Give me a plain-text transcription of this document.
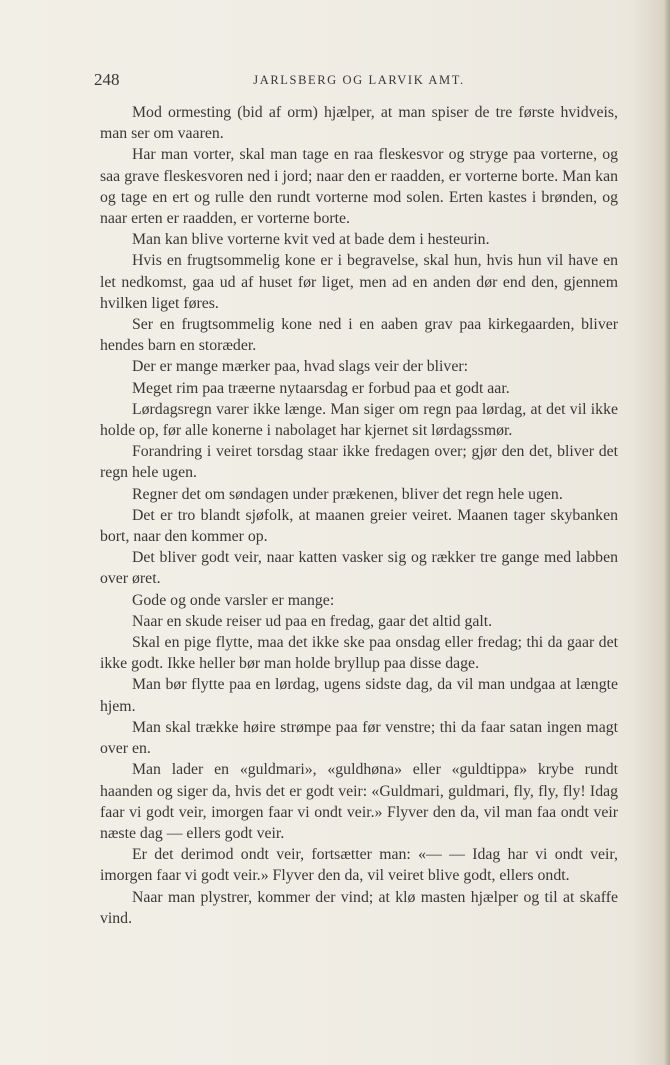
248	JARLSBERG OG LARVIK AMT.

Mod ormesting (bid af orm) hjælper, at man spiser de tre første hvidveis, man ser om vaaren.

Har man vorter, skal man tage en raa fleskesvor og stryge paa vorterne, og saa grave fleskesvoren ned i jord; naar den er raadden, er vorterne borte. Man kan og tage en ert og rulle den rundt vorterne mod solen. Erten kastes i brønden, og naar erten er raadden, er vorterne borte.

Man kan blive vorterne kvit ved at bade dem i hesteurin.

Hvis en frugtsommelig kone er i begravelse, skal hun, hvis hun vil have en let nedkomst, gaa ud af huset før liget, men ad en anden dør end den, gjennem hvilken liget føres.

Ser en frugtsommelig kone ned i en aaben grav paa kirkegaarden, bliver hendes barn en storæder.

Der er mange mærker paa, hvad slags veir der bliver:

Meget rim paa træerne nytaarsdag er forbud paa et godt aar.

Lørdagsregn varer ikke længe. Man siger om regn paa lørdag, at det vil ikke holde op, før alle konerne i nabolaget har kjernet sit lørdagssmør.

Forandring i veiret torsdag staar ikke fredagen over; gjør den det, bliver det regn hele ugen.

Regner det om søndagen under prækenen, bliver det regn hele ugen.

Det er tro blandt sjøfolk, at maanen greier veiret. Maanen tager skybanken bort, naar den kommer op.

Det bliver godt veir, naar katten vasker sig og rækker tre gange med labben over øret.

Gode og onde varsler er mange:

Naar en skude reiser ud paa en fredag, gaar det altid galt.

Skal en pige flytte, maa det ikke ske paa onsdag eller fredag; thi da gaar det ikke godt. Ikke heller bør man holde bryllup paa disse dage.

Man bør flytte paa en lørdag, ugens sidste dag, da vil man undgaa at længte hjem.

Man skal trække høire strømpe paa før venstre; thi da faar satan ingen magt over en.

Man lader en «guldmari», «guldhøna» eller «guldtippa» krybe rundt haanden og siger da, hvis det er godt veir: «Guldmari, guldmari, fly, fly, fly! Idag faar vi godt veir, imorgen faar vi ondt veir.» Flyver den da, vil man faa ondt veir næste dag — ellers godt veir.

Er det derimod ondt veir, fortsætter man: «— — Idag har vi ondt veir, imorgen faar vi godt veir.» Flyver den da, vil veiret blive godt, ellers ondt.

Naar man plystrer, kommer der vind; at klø masten hjælper og til at skaffe vind.
